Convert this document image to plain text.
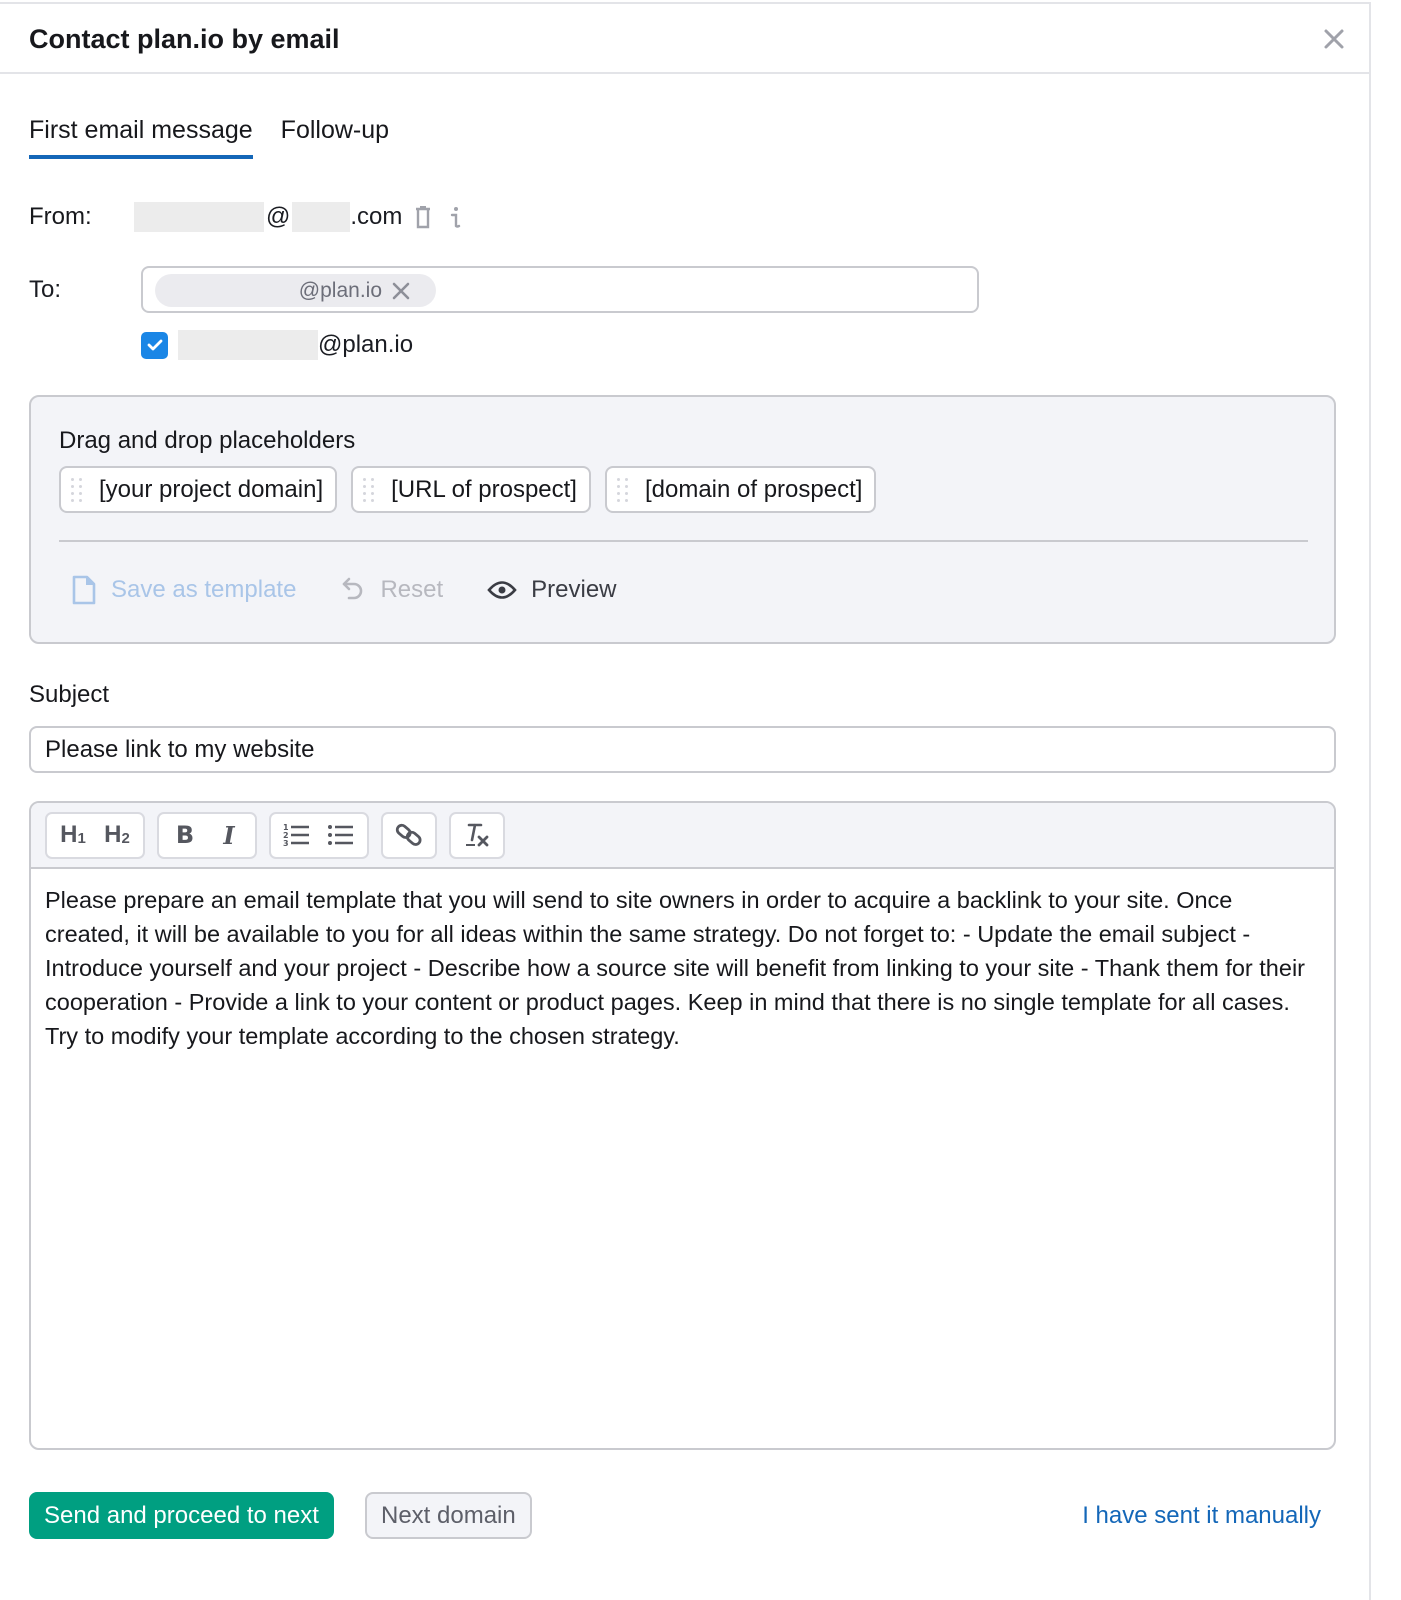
Contact plan.io by email
First email message Follow-up
From:	@	.com
To:	@plan.io
@plan.io
Drag and drop placeholders
[your project domain]	[URL of prospect]	[domain of prospect]
Save as template	Reset	Preview
Subject
Please link to my website
$H_1$ $H_2$ B I	1
2
3
Please prepare an email template that you will send to site owners in order to acquire a backlink to your site. Once created, it will be available to you for all ideas within the same strategy. Do not forget to: - Update the email subject - Introduce yourself and your project - Describe how a source site will benefit from linking to your site - Thank them for their cooperation - Provide a link to your content or product pages. Keep in mind that there is no single template for all cases. Try to modify your template according to the chosen strategy.
Send and proceed to next	Next domain	I have sent it manually
